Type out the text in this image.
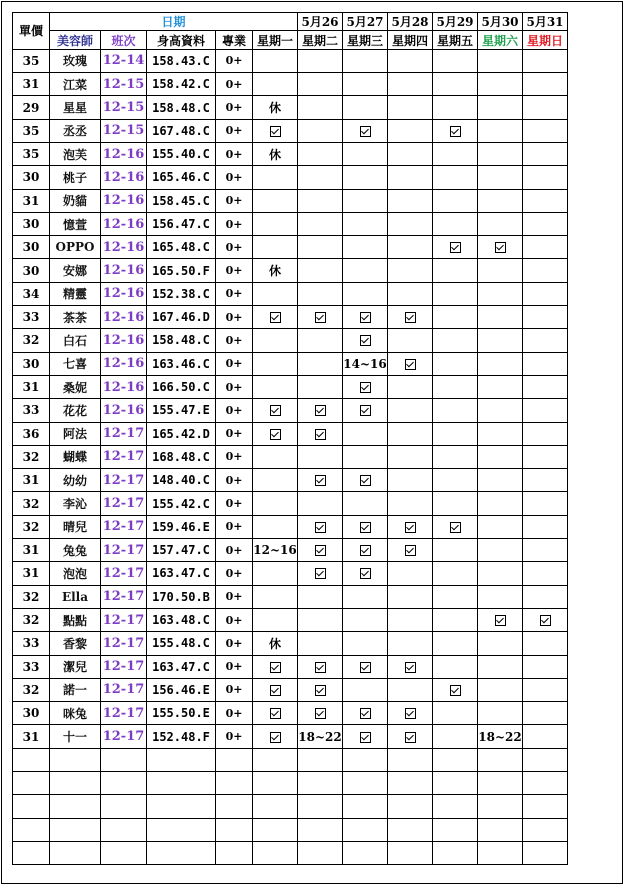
單價	日期					5月26	5月27	5月28	5月29	5月30	5月31	
	美容師	班次	身高資料	專業	星期一	星期二	星期三	星期四	星期五	星期六	星期日	
35	玫瑰	12-14	158.43.C	0+								
31	江菜	12-15	158.42.C	0+								
29	星星	12-15	158.48.C	0+	休							
35	丞丞	12-15	167.48.C	0+								
35	泡芙	12-16	155.40.C	0+	休							
30	桃子	12-16	165.46.C	0+								
31	奶貓	12-16	158.45.C	0+								
30	憶萱	12-16	156.47.C	0+								
30	OPPO	12-16	165.48.C	0+								
30	安娜	12-16	165.50.F	0+	休							
34	精靈	12-16	152.38.C	0+								
33	茶茶	12-16	167.46.D	0+								
32	白石	12-16	158.48.C	0+								
30	七喜	12-16	163.46.C	0+			14~16					
31	桑妮	12-16	166.50.C	0+								
33	花花	12-16	155.47.E	0+								
36	阿法	12-17	165.42.D	0+								
32	蝴蝶	12-17	168.48.C	0+								
31	幼幼	12-17	148.40.C	0+								
32	李沁	12-17	155.42.C	0+								
32	晴兒	12-17	159.46.E	0+								
31	兔兔	12-17	157.47.C	0+	12~16							
31	泡泡	12-17	163.47.C	0+								
32	Ella	12-17	170.50.B	0+								
32	點點	12-17	163.48.C	0+								
33	香黎	12-17	155.48.C	0+	休							
33	潔兒	12-17	163.47.C	0+								
32	諾一	12-17	156.46.E	0+								
30	咪兔	12-17	155.50.E	0+								
31	十一	12-17	152.48.F	0+		18~22				18~22		
